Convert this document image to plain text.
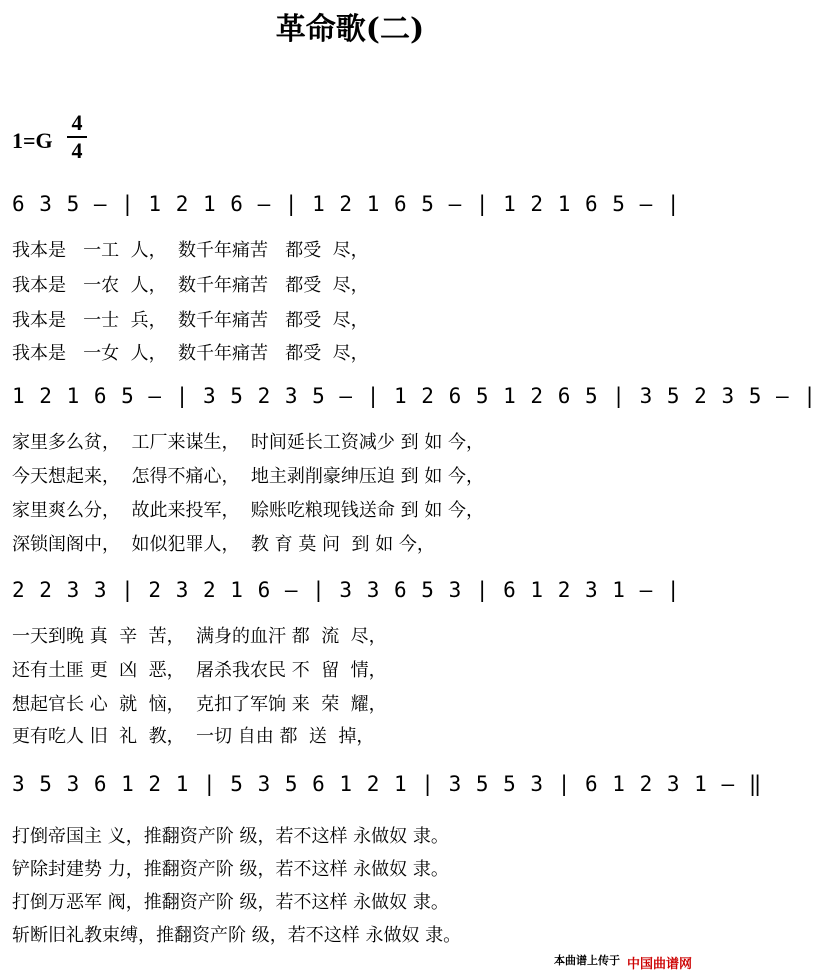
革命歌(二)
1=G
4
4
6 3 5 – | 1 2 1 6 – | 1 2 1 6 5 – | 1 2 1 6 5 – |
我本是   一工  人，  数千年痛苦   都受  尽，
我本是   一农  人，  数千年痛苦   都受  尽，
我本是   一士  兵，  数千年痛苦   都受  尽，
我本是   一女  人，  数千年痛苦   都受  尽，
1 2 1 6 5 – | 3 5 2 3 5 – | 1 2 6 5 1 2 6 5 | 3 5 2 3 5 – |
家里多么贫，  工厂来谋生，  时间延长工资减少 到 如 今，
今天想起来，  怎得不痛心，  地主剥削豪绅压迫 到 如 今，
家里爽么分，  故此来投军，  赊账吃粮现钱送命 到 如 今，
深锁闺阁中，  如似犯罪人，  教 育 莫 问  到 如 今，
2 2 3 3 | 2 3 2 1 6 – | 3 3 6 5 3 | 6 1 2 3 1 – |
一天到晚 真  辛  苦，  满身的血汗 都  流  尽，
还有土匪 更  凶  恶，  屠杀我农民 不  留  情，
想起官长 心  就  恼，  克扣了军饷 来  荣  耀，
更有吃人 旧  礼  教，  一切 自由 都  送  掉，
3 5 3 6 1 2 1 | 5 3 5 6 1 2 1 | 3 5 5 3 | 6 1 2 3 1 – ‖
打倒帝国主 义，推翻资产阶 级，若不这样 永做奴 隶。
铲除封建势 力，推翻资产阶 级，若不这样 永做奴 隶。
打倒万恶军 阀，推翻资产阶 级，若不这样 永做奴 隶。
斩断旧礼教束缚，推翻资产阶 级，若不这样 永做奴 隶。
本曲谱上传于 中国曲谱网
